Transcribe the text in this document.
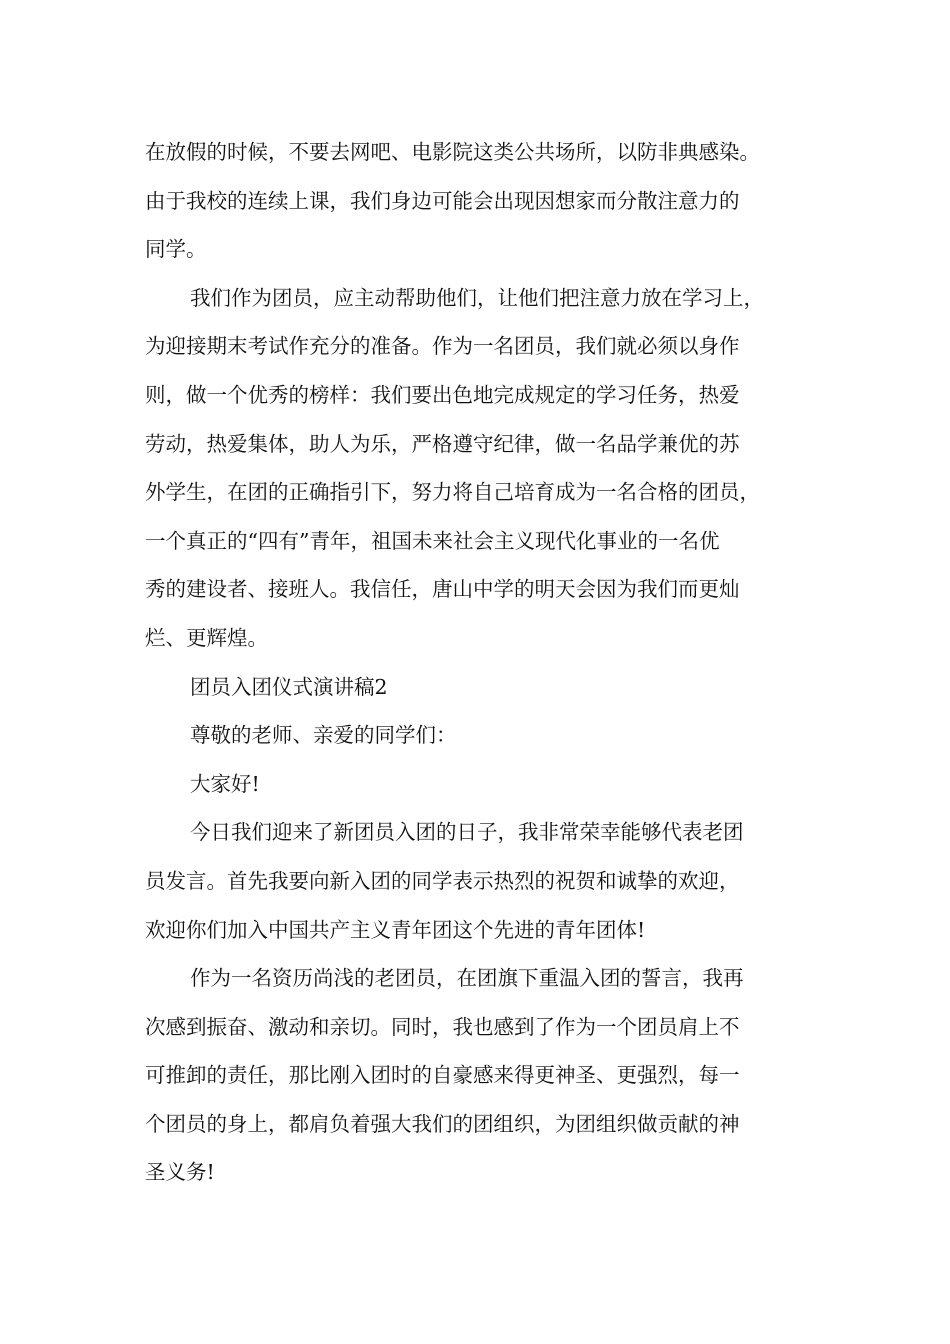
在放假的时候，不要去网吧、电影院这类公共场所，以防非典感染。
由于我校的连续上课，我们身边可能会出现因想家而分散注意力的
同学。
我们作为团员，应主动帮助他们，让他们把注意力放在学习上，
为迎接期末考试作充分的准备。作为一名团员，我们就必须以身作
则，做一个优秀的榜样：我们要出色地完成规定的学习任务，热爱
劳动，热爱集体，助人为乐，严格遵守纪律，做一名品学兼优的苏
外学生，在团的正确指引下，努力将自己培育成为一名合格的团员，
一个真正的“四有”青年，祖国未来社会主义现代化事业的一名优
秀的建设者、接班人。我信任，唐山中学的明天会因为我们而更灿
烂、更辉煌。
团员入团仪式演讲稿2
尊敬的老师、亲爱的同学们：
大家好!
今日我们迎来了新团员入团的日子，我非常荣幸能够代表老团
员发言。首先我要向新入团的同学表示热烈的祝贺和诚挚的欢迎，
欢迎你们加入中国共产主义青年团这个先进的青年团体!
作为一名资历尚浅的老团员，在团旗下重温入团的誓言，我再
次感到振奋、激动和亲切。同时，我也感到了作为一个团员肩上不
可推卸的责任，那比刚入团时的自豪感来得更神圣、更强烈，每一
个团员的身上，都肩负着强大我们的团组织，为团组织做贡献的神
圣义务!
